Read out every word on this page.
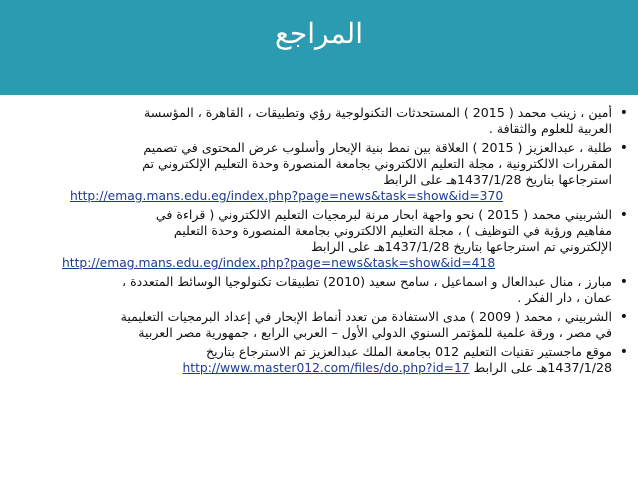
المراجع
•
أمين ، زينب محمد ( 2015 ) المستحدثات التكنولوجية رؤي وتطبيقات ، القاهرة ، المؤسسة
العربية للعلوم والثقافة .
•
طلبة ، عبدالعزيز ( 2015 ) العلاقة بين نمط بنية الإبحار وأسلوب عرض المحتوى في تصميم
المقررات الالكترونية ، مجلة التعليم الالكتروني بجامعة المنصورة وحدة التعليم الإلكتروني تم
استرجاعها بتاريخ 1437/1/28هـ على الرابط
http://emag.mans.edu.eg/index.php?page=news&task=show&id=370
•
الشربيني محمد ( 2015 ) نحو واجهة ابحار مرنة لبرمجيات التعليم الالكتروني ( قراءة في
مفاهيم ورؤية في التوظيف ) ، مجلة التعليم الالكتروني بجامعة المنصورة وحدة التعليم
الإلكتروني تم استرجاعها بتاريخ 1437/1/28هـ على الرابط
http://emag.mans.edu.eg/index.php?page=news&task=show&id=418
•
مبارز ، منال عبدالعال و اسماعيل ، سامح سعيد (2010) تطبيقات تكنولوجيا الوسائط المتعددة ،
عمان ، دار الفكر .
•
الشربيني ، محمد ( 2009 ) مدى الاستفادة من تعدد أنماط الإبحار في إعداد البرمجيات التعليمية
في مصر ، ورقة علمية للمؤتمر السنوي الدولي الأول – العربي الرابع ، جمهورية مصر العربية
•
موقع ماجستير تقنيات التعليم 012 بجامعة الملك عبدالعزيز تم الاسترجاع بتاريخ
1437/1/28هـ على الرابط http://www.master012.com/files/do.php?id=17
